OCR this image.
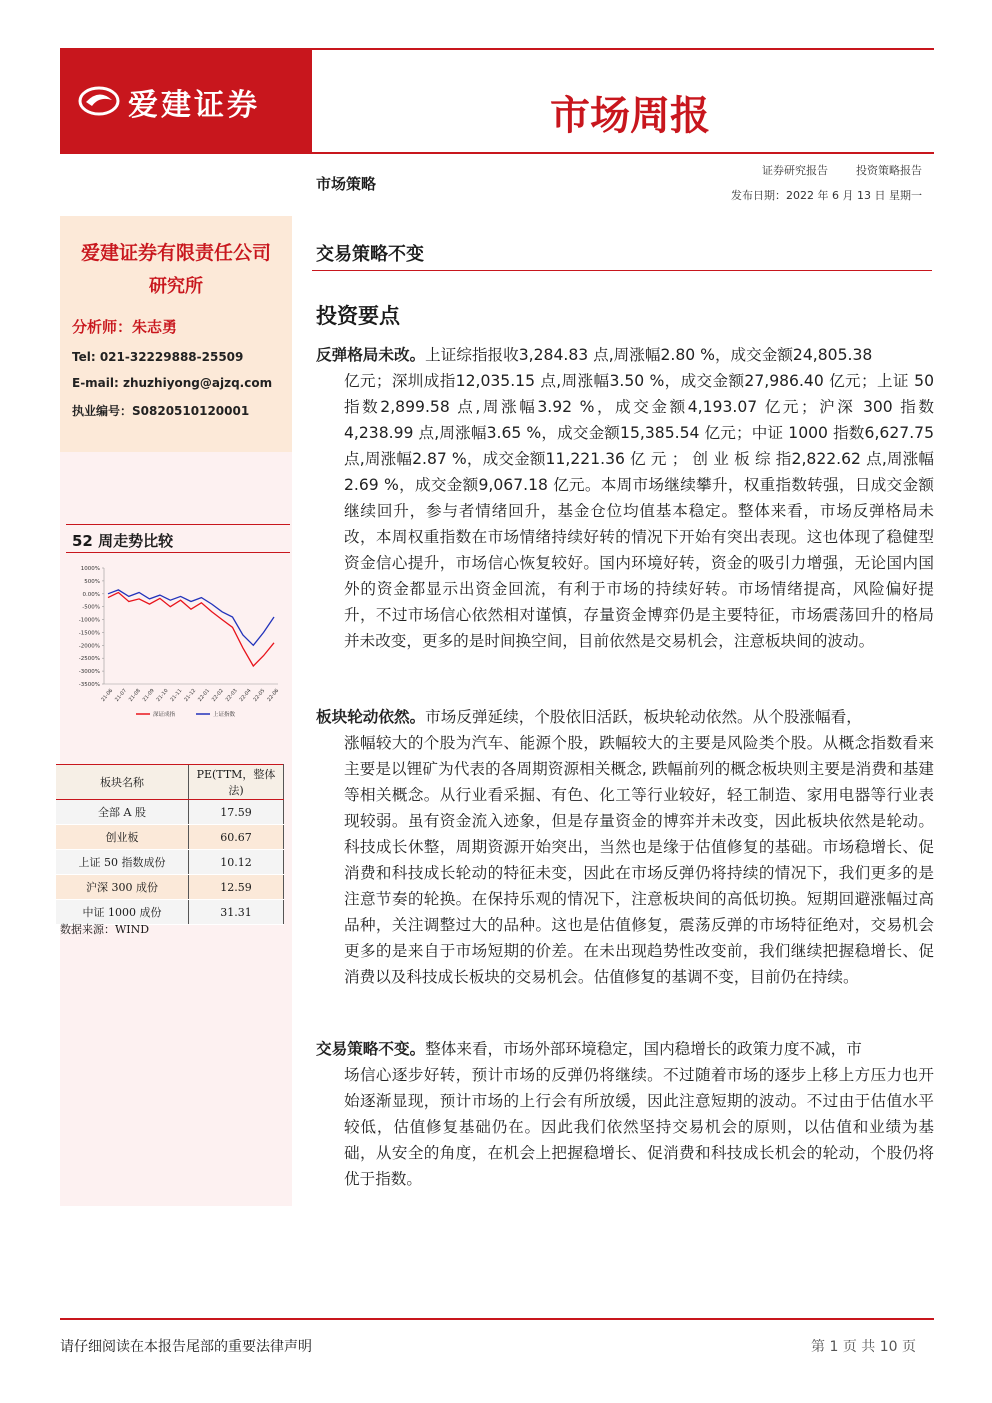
爱建证券	市场周报
市场策略
证券研究报告	投资策略报告
发布日期：2022 年 6 月 13 日 星期一
爱建证券有限责任公司
研究所
分析师：朱志勇
Tel: 021-32229888-25509
E-mail: zhuzhiyong@ajzq.com
执业编号：S0820510120001
52 周走势比较
1000%
500%
0.00%
-500%
-1000%
-1500%
-2000%
-2500%
-3000%
-3500%
21-06 21-07 21-08 21-09 21-10 21-11 21-12 22-01 22-02 22-03 22-04 22-05 22-06
深证成指	上证指数
板块名称	PE(TTM，整体法)
全部 A 股	17.59
创业板	60.67
上证 50 指数成份	10.12
沪深 300 成份	12.59
中证 1000 成份	31.31
数据来源：WIND
交易策略不变
投资要点
反弹格局未改。上证综指报收3,284.83 点,周涨幅2.80 %，成交金额24,805.38
亿元；深圳成指12,035.15 点,周涨幅3.50 %，成交金额27,986.40 亿元；上证 50 指数2,899.58 点,周涨幅3.92 %，成交金额4,193.07 亿元；沪深 300 指数4,238.99 点,周涨幅3.65 %，成交金额15,385.54 亿元；中证 1000 指数6,627.75 点,周涨幅2.87 %，成交金额11,221.36 亿 元 ； 创 业 板 综 指2,822.62 点,周涨幅2.69 %，成交金额9,067.18 亿元。本周市场继续攀升，权重指数转强，日成交金额继续回升，参与者情绪回升，基金仓位均值基本稳定。整体来看，市场反弹格局未改，本周权重指数在市场情绪持续好转的情况下开始有突出表现。这也体现了稳健型资金信心提升，市场信心恢复较好。国内环境好转，资金的吸引力增强，无论国内国外的资金都显示出资金回流，有利于市场的持续好转。市场情绪提高，风险偏好提升，不过市场信心依然相对谨慎，存量资金博弈仍是主要特征，市场震荡回升的格局并未改变，更多的是时间换空间，目前依然是交易机会，注意板块间的波动。
板块轮动依然。市场反弹延续，个股依旧活跃，板块轮动依然。从个股涨幅看，
涨幅较大的个股为汽车、能源个股，跌幅较大的主要是风险类个股。从概念指数看来主要是以锂矿为代表的各周期资源相关概念, 跌幅前列的概念板块则主要是消费和基建等相关概念。从行业看采掘、有色、化工等行业较好，轻工制造、家用电器等行业表现较弱。虽有资金流入迹象，但是存量资金的博弈并未改变，因此板块依然是轮动。科技成长休整，周期资源开始突出，当然也是缘于估值修复的基础。市场稳增长、促消费和科技成长轮动的特征未变，因此在市场反弹仍将持续的情况下，我们更多的是注意节奏的轮换。在保持乐观的情况下，注意板块间的高低切换。短期回避涨幅过高品种，关注调整过大的品种。这也是估值修复，震荡反弹的市场特征绝对，交易机会更多的是来自于市场短期的价差。在未出现趋势性改变前，我们继续把握稳增长、促消费以及科技成长板块的交易机会。估值修复的基调不变，目前仍在持续。
交易策略不变。整体来看，市场外部环境稳定，国内稳增长的政策力度不减，市
场信心逐步好转，预计市场的反弹仍将继续。不过随着市场的逐步上移上方压力也开始逐渐显现，预计市场的上行会有所放缓，因此注意短期的波动。不过由于估值水平较低，估值修复基础仍在。因此我们依然坚持交易机会的原则，以估值和业绩为基础，从安全的角度，在机会上把握稳增长、促消费和科技成长机会的轮动，个股仍将优于指数。
请仔细阅读在本报告尾部的重要法律声明	第 1 页 共 10 页
